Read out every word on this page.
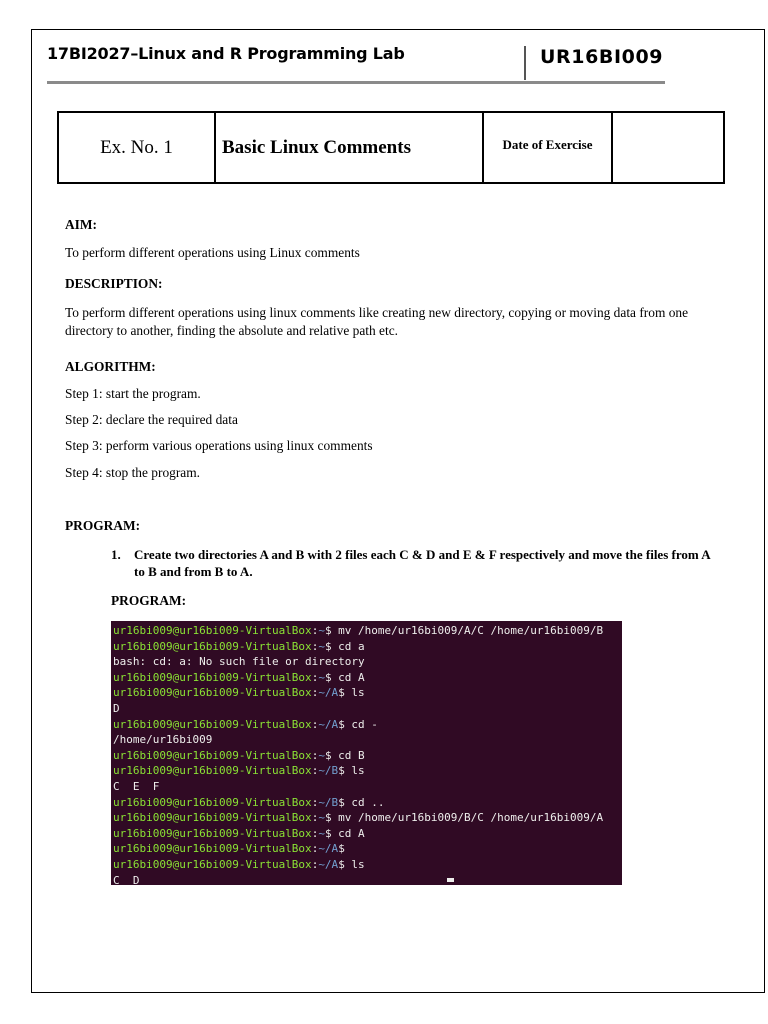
17BI2027–Linux and R Programming Lab	UR16BI009
Ex. No. 1	Basic Linux Comments	Date of Exercise	
AIM:
To perform different operations using Linux comments
DESCRIPTION:
To perform different operations using linux comments like creating new directory, copying or moving data from one directory to another, finding the absolute and relative path etc.
ALGORITHM:
Step 1: start the program.
Step 2: declare the required data
Step 3: perform various operations using linux comments
Step 4: stop the program.
PROGRAM:
1. Create two directories A and B with 2 files each C & D and E & F respectively and move the files from A to B and from B to A.
PROGRAM:
ur16bi009@ur16bi009-VirtualBox:~$ mv /home/ur16bi009/A/C /home/ur16bi009/B
ur16bi009@ur16bi009-VirtualBox:~$ cd a
bash: cd: a: No such file or directory
ur16bi009@ur16bi009-VirtualBox:~$ cd A
ur16bi009@ur16bi009-VirtualBox:~/A$ ls
D
ur16bi009@ur16bi009-VirtualBox:~/A$ cd -
/home/ur16bi009
ur16bi009@ur16bi009-VirtualBox:~$ cd B
ur16bi009@ur16bi009-VirtualBox:~/B$ ls
C  E  F
ur16bi009@ur16bi009-VirtualBox:~/B$ cd ..
ur16bi009@ur16bi009-VirtualBox:~$ mv /home/ur16bi009/B/C /home/ur16bi009/A
ur16bi009@ur16bi009-VirtualBox:~$ cd A
ur16bi009@ur16bi009-VirtualBox:~/A$
ur16bi009@ur16bi009-VirtualBox:~/A$ ls
C  D
